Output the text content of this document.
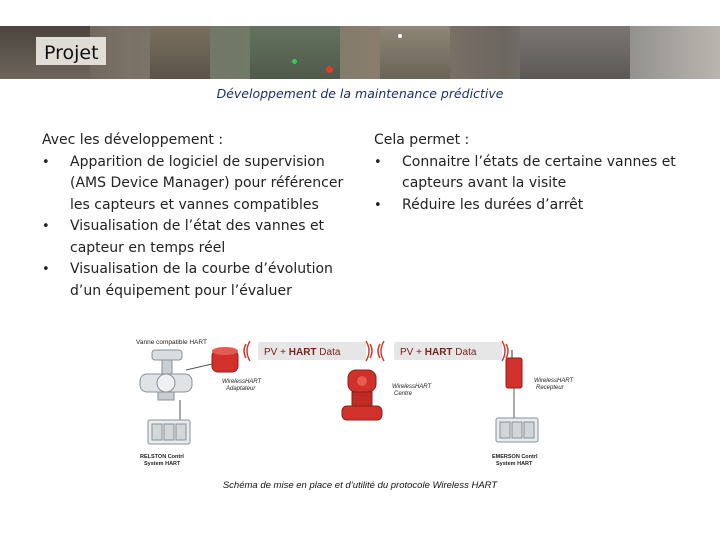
Projet
Développement de la maintenance prédictive
Avec les développement :
• Apparition de logiciel de supervision (AMS Device Manager) pour référencer les capteurs et vannes compatibles
• Visualisation de l’état des vannes et capteur en temps réel
• Visualisation de la courbe d’évolution d’un équipement pour l’évaluer
Cela permet :
• Connaitre l’états de certaine vannes et capteurs avant la visite
• Réduire les durées d’arrêt
PV + HART Data	PV + HART Data
Vanne compatible HART
WirelessHART
Adaptateur	WirelessHART
Centre
WirelessHART
Recepteur
RELSTON Contrl
System HART
EMERSON Contrl
System HART
Schéma de mise en place et d’utilité du protocole Wireless HART
